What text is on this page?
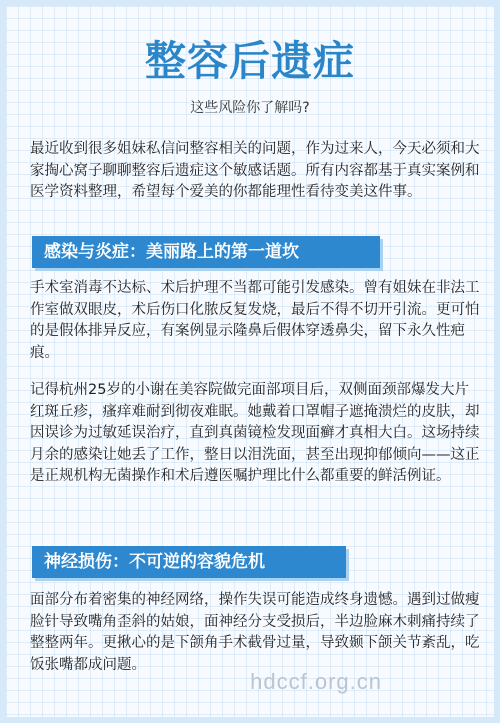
整容后遗症
这些风险你了解吗?

最近收到很多姐妹私信问整容相关的问题，作为过来人，今天必须和大家掏心窝子聊聊整容后遗症这个敏感话题。所有内容都基于真实案例和医学资料整理，希望每个爱美的你都能理性看待变美这件事。

感染与炎症：美丽路上的第一道坎

手术室消毒不达标、术后护理不当都可能引发感染。曾有姐妹在非法工作室做双眼皮，术后伤口化脓反复发烧，最后不得不切开引流。更可怕的是假体排异反应，有案例显示隆鼻后假体穿透鼻尖，留下永久性疤痕。

记得杭州25岁的小谢在美容院做完面部项目后，双侧面颈部爆发大片红斑丘疹，瘙痒难耐到彻夜难眠。她戴着口罩帽子遮掩溃烂的皮肤，却因误诊为过敏延误治疗，直到真菌镜检发现面癣才真相大白。这场持续月余的感染让她丢了工作，整日以泪洗面，甚至出现抑郁倾向——这正是正规机构无菌操作和术后遵医嘱护理比什么都重要的鲜活例证。

神经损伤：不可逆的容貌危机

面部分布着密集的神经网络，操作失误可能造成终身遗憾。遇到过做瘦脸针导致嘴角歪斜的姑娘，面神经分支受损后，半边脸麻木刺痛持续了整整两年。更揪心的是下颌角手术截骨过量，导致颞下颌关节紊乱，吃饭张嘴都成问题。

hdccf.org.cn
